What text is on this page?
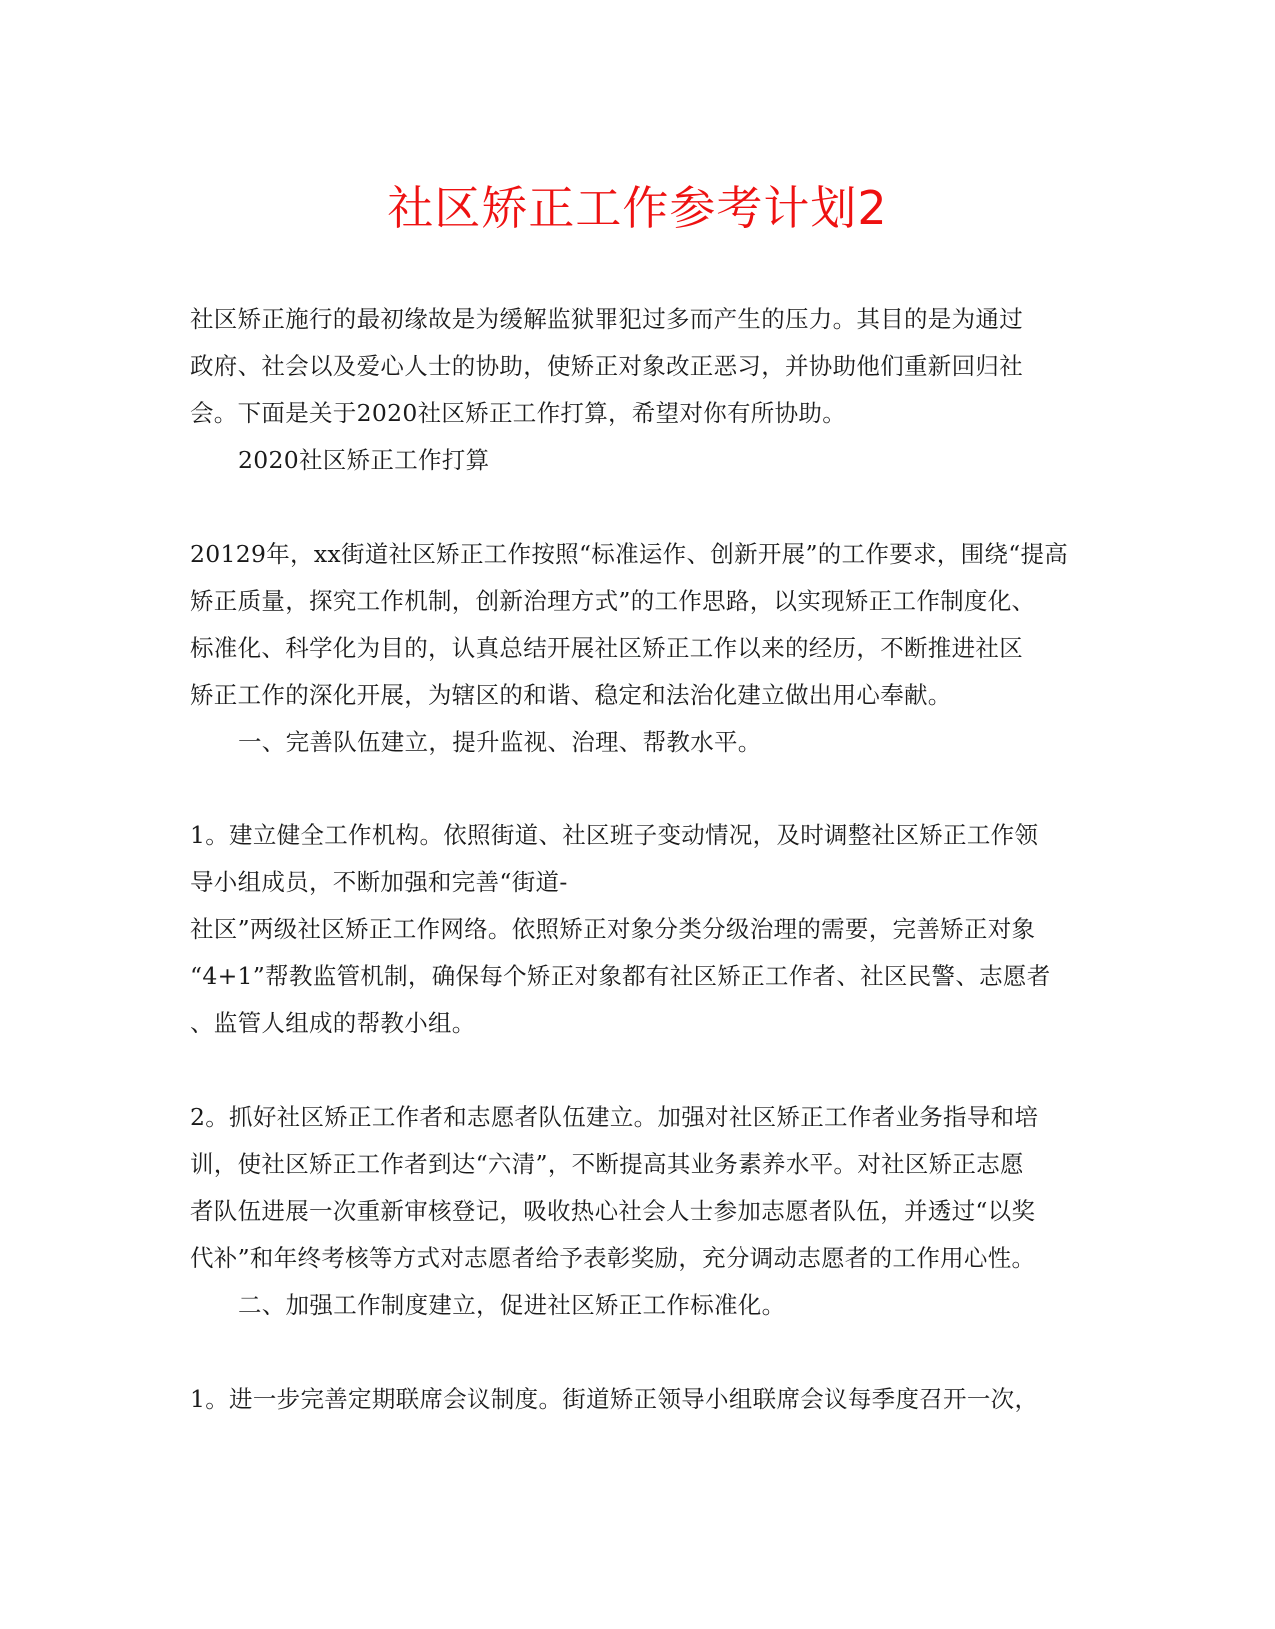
社区矫正工作参考计划2
社区矫正施行的最初缘故是为缓解监狱罪犯过多而产生的压力。其目的是为通过
政府、社会以及爱心人士的协助，使矫正对象改正恶习，并协助他们重新回归社
会。下面是关于2020社区矫正工作打算，希望对你有所协助。
2020社区矫正工作打算
20129年，xx街道社区矫正工作按照“标准运作、创新开展”的工作要求，围绕“提高
矫正质量，探究工作机制，创新治理方式”的工作思路，以实现矫正工作制度化、
标准化、科学化为目的，认真总结开展社区矫正工作以来的经历，不断推进社区
矫正工作的深化开展，为辖区的和谐、稳定和法治化建立做出用心奉献。
一、完善队伍建立，提升监视、治理、帮教水平。
1。建立健全工作机构。依照街道、社区班子变动情况，及时调整社区矫正工作领
导小组成员，不断加强和完善“街道-
社区”两级社区矫正工作网络。依照矫正对象分类分级治理的需要，完善矫正对象
“4+1”帮教监管机制，确保每个矫正对象都有社区矫正工作者、社区民警、志愿者
、监管人组成的帮教小组。
2。抓好社区矫正工作者和志愿者队伍建立。加强对社区矫正工作者业务指导和培
训，使社区矫正工作者到达“六清”，不断提高其业务素养水平。对社区矫正志愿
者队伍进展一次重新审核登记，吸收热心社会人士参加志愿者队伍，并透过“以奖
代补”和年终考核等方式对志愿者给予表彰奖励，充分调动志愿者的工作用心性。
二、加强工作制度建立，促进社区矫正工作标准化。
1。进一步完善定期联席会议制度。街道矫正领导小组联席会议每季度召开一次，
